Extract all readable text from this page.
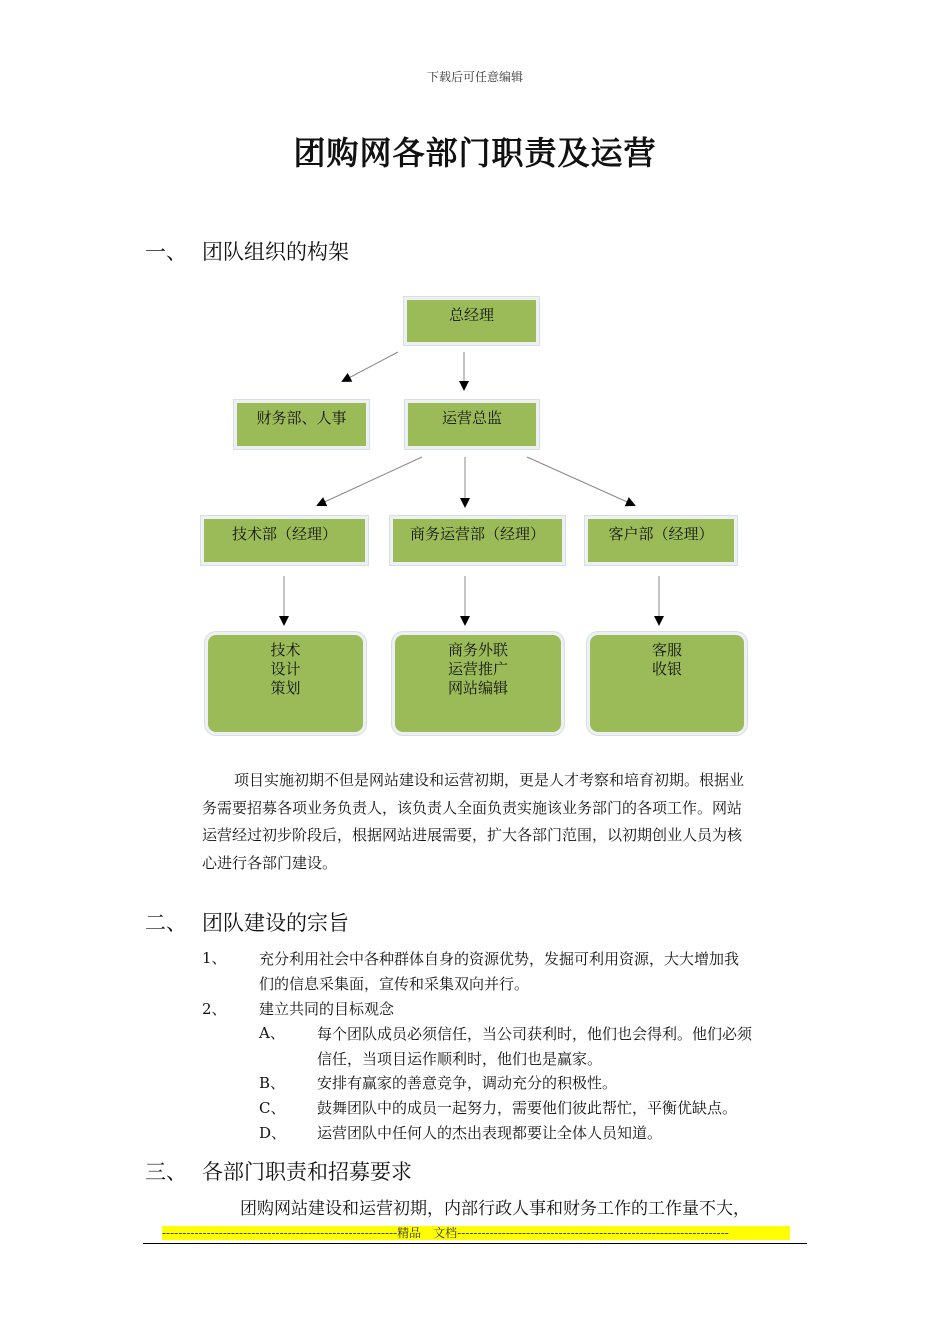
下载后可任意编辑
团购网各部门职责及运营
一、 团队组织的构架
总经理
财务部、人事	运营总监
技术部（经理）	商务运营部（经理）	客户部（经理）
技术
设计
策划
商务外联
运营推广
网站编辑
客服
收银
项目实施初期不但是网站建设和运营初期，更是人才考察和培育初期。根据业
务需要招募各项业务负责人，该负责人全面负责实施该业务部门的各项工作。网站
运营经过初步阶段后，根据网站进展需要，扩大各部门范围，以初期创业人员为核
心进行各部门建设。
二、 团队建设的宗旨
1、 充分利用社会中各种群体自身的资源优势，发掘可利用资源，大大增加我
们的信息采集面，宣传和采集双向并行。
2、 建立共同的目标观念
A、 每个团队成员必须信任，当公司获利时，他们也会得利。他们必须
信任，当项目运作顺利时，他们也是赢家。
B、 安排有赢家的善意竞争，调动充分的积极性。
C、 鼓舞团队中的成员一起努力，需要他们彼此帮忙，平衡优缺点。
D、 运营团队中任何人的杰出表现都要让全体人员知道。
三、 各部门职责和招募要求
团购网站建设和运营初期，内部行政人事和财务工作的工作量不大，
----------------------------------------------------------精品　文档-------------------------------------------------------------------
